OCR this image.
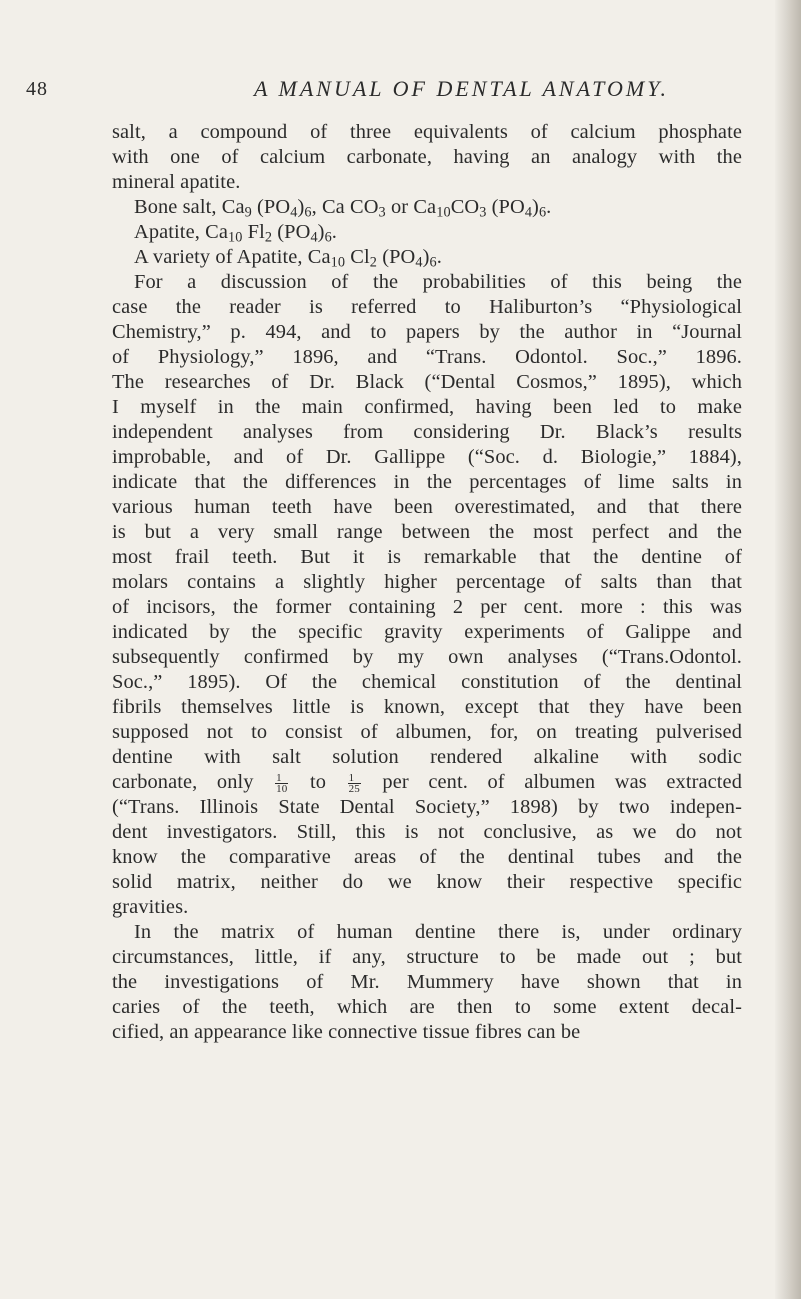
48	A MANUAL OF DENTAL ANATOMY.

salt, a compound of three equivalents of calcium phosphate
with one of calcium carbonate, having an analogy with the
mineral apatite.

Bone salt, $Ca_9$ $(PO_4)_6$, Ca $CO_3$ or $Ca_{10}CO_3$ $(PO_4)_6$.
Apatite, $Ca_{10}$ $Fl_2$ $(PO_4)_6$.
A variety of Apatite, $Ca_{10}$ $Cl_2$ $(PO_4)_6$.

For a discussion of the probabilities of this being the
case the reader is referred to Haliburton’s “Physiological
Chemistry,” p. 494, and to papers by the author in “Journal
of Physiology,” 1896, and “Trans. Odontol. Soc.,” 1896.
The researches of Dr. Black (“Dental Cosmos,” 1895), which
I myself in the main confirmed, having been led to make
independent analyses from considering Dr. Black’s results
improbable, and of Dr. Gallippe (“Soc. d. Biologie,” 1884),
indicate that the differences in the percentages of lime salts in
various human teeth have been overestimated, and that there
is but a very small range between the most perfect and the
most frail teeth. But it is remarkable that the dentine of
molars contains a slightly higher percentage of salts than that
of incisors, the former containing 2 per cent. more : this was
indicated by the specific gravity experiments of Galippe and
subsequently confirmed by my own analyses (“Trans.Odontol.
Soc.,” 1895). Of the chemical constitution of the dentinal
fibrils themselves little is known, except that they have been
supposed not to consist of albumen, for, on treating pulverised
dentine with salt solution rendered alkaline with sodic
carbonate, only $\frac{1}{10}$ to $\frac{1}{25}$ per cent. of albumen was extracted
(“Trans. Illinois State Dental Society,” 1898) by two indepen-
dent investigators. Still, this is not conclusive, as we do not
know the comparative areas of the dentinal tubes and the
solid matrix, neither do we know their respective specific
gravities.

In the matrix of human dentine there is, under ordinary
circumstances, little, if any, structure to be made out ; but
the investigations of Mr. Mummery have shown that in
caries of the teeth, which are then to some extent decal-
cified, an appearance like connective tissue fibres can be
